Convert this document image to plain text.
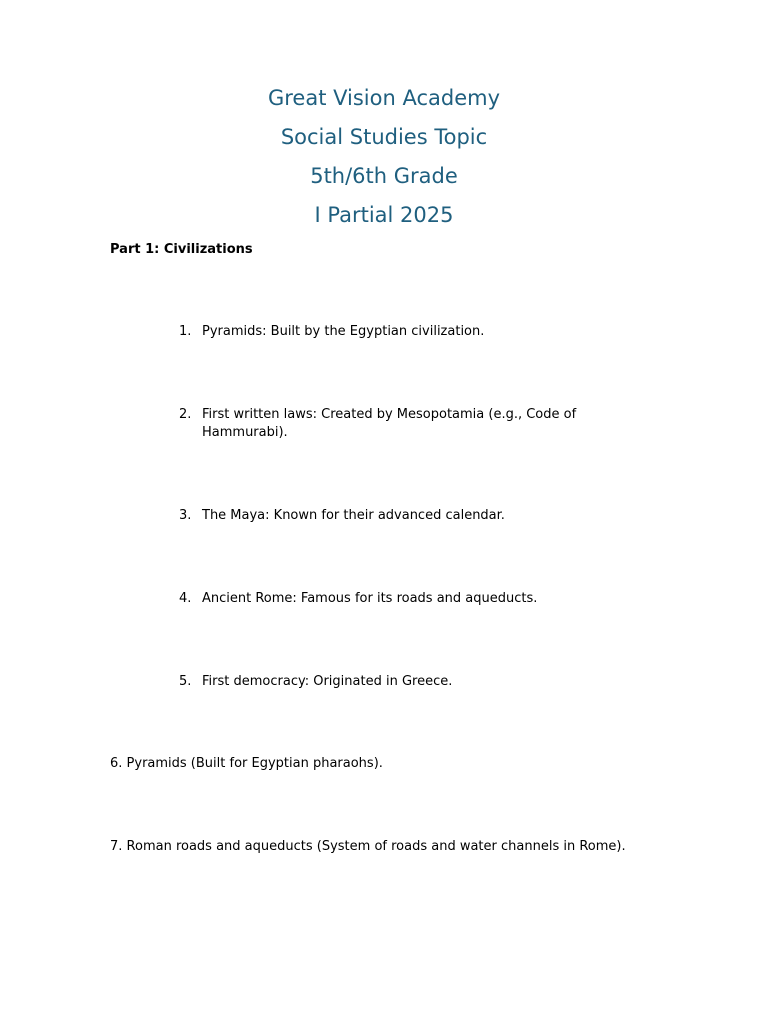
Great Vision Academy
Social Studies Topic
5th/6th Grade
I Partial 2025
Part 1: Civilizations
1. Pyramids: Built by the Egyptian civilization.
2. First written laws: Created by Mesopotamia (e.g., Code of Hammurabi).
3. The Maya: Known for their advanced calendar.
4. Ancient Rome: Famous for its roads and aqueducts.
5. First democracy: Originated in Greece.
6. Pyramids (Built for Egyptian pharaohs).
7. Roman roads and aqueducts (System of roads and water channels in Rome).
